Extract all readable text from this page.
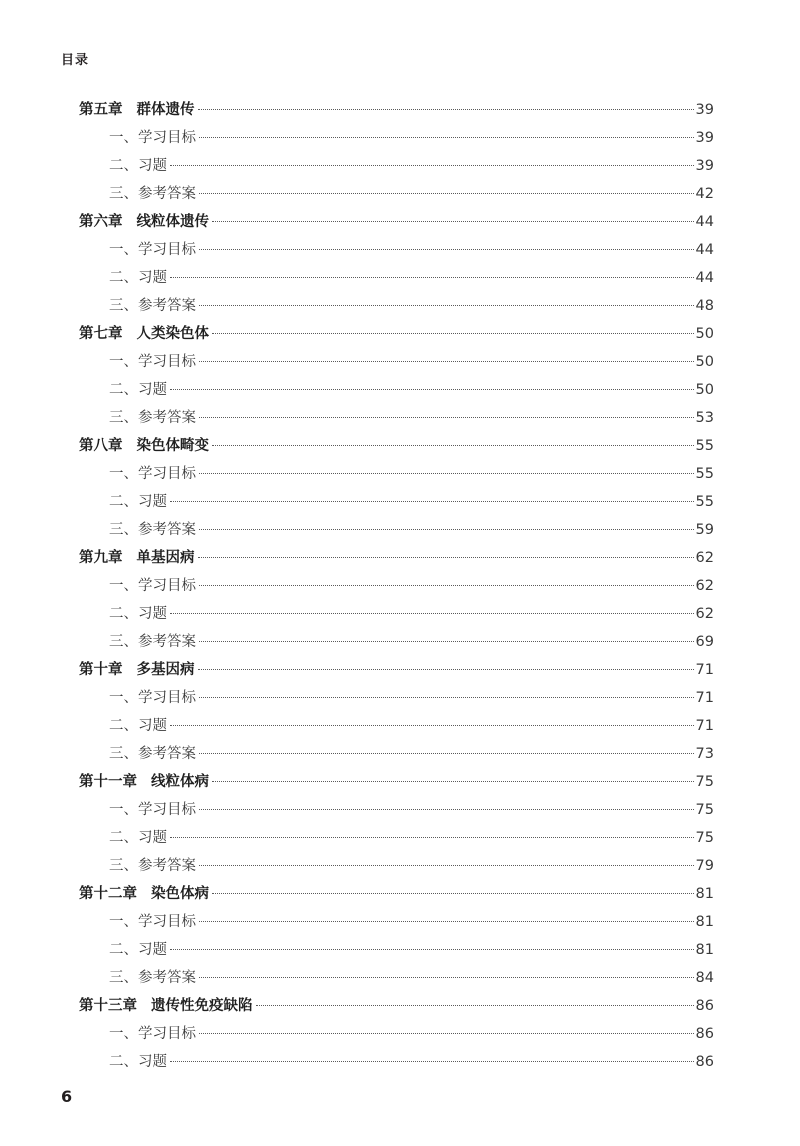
目录
第五章 群体遗传	39
一、学习目标	39
二、习题	39
三、参考答案	42
第六章 线粒体遗传	44
一、学习目标	44
二、习题	44
三、参考答案	48
第七章 人类染色体	50
一、学习目标	50
二、习题	50
三、参考答案	53
第八章 染色体畸变	55
一、学习目标	55
二、习题	55
三、参考答案	59
第九章 单基因病	62
一、学习目标	62
二、习题	62
三、参考答案	69
第十章 多基因病	71
一、学习目标	71
二、习题	71
三、参考答案	73
第十一章 线粒体病	75
一、学习目标	75
二、习题	75
三、参考答案	79
第十二章 染色体病	81
一、学习目标	81
二、习题	81
三、参考答案	84
第十三章 遗传性免疫缺陷	86
一、学习目标	86
二、习题	86
6
